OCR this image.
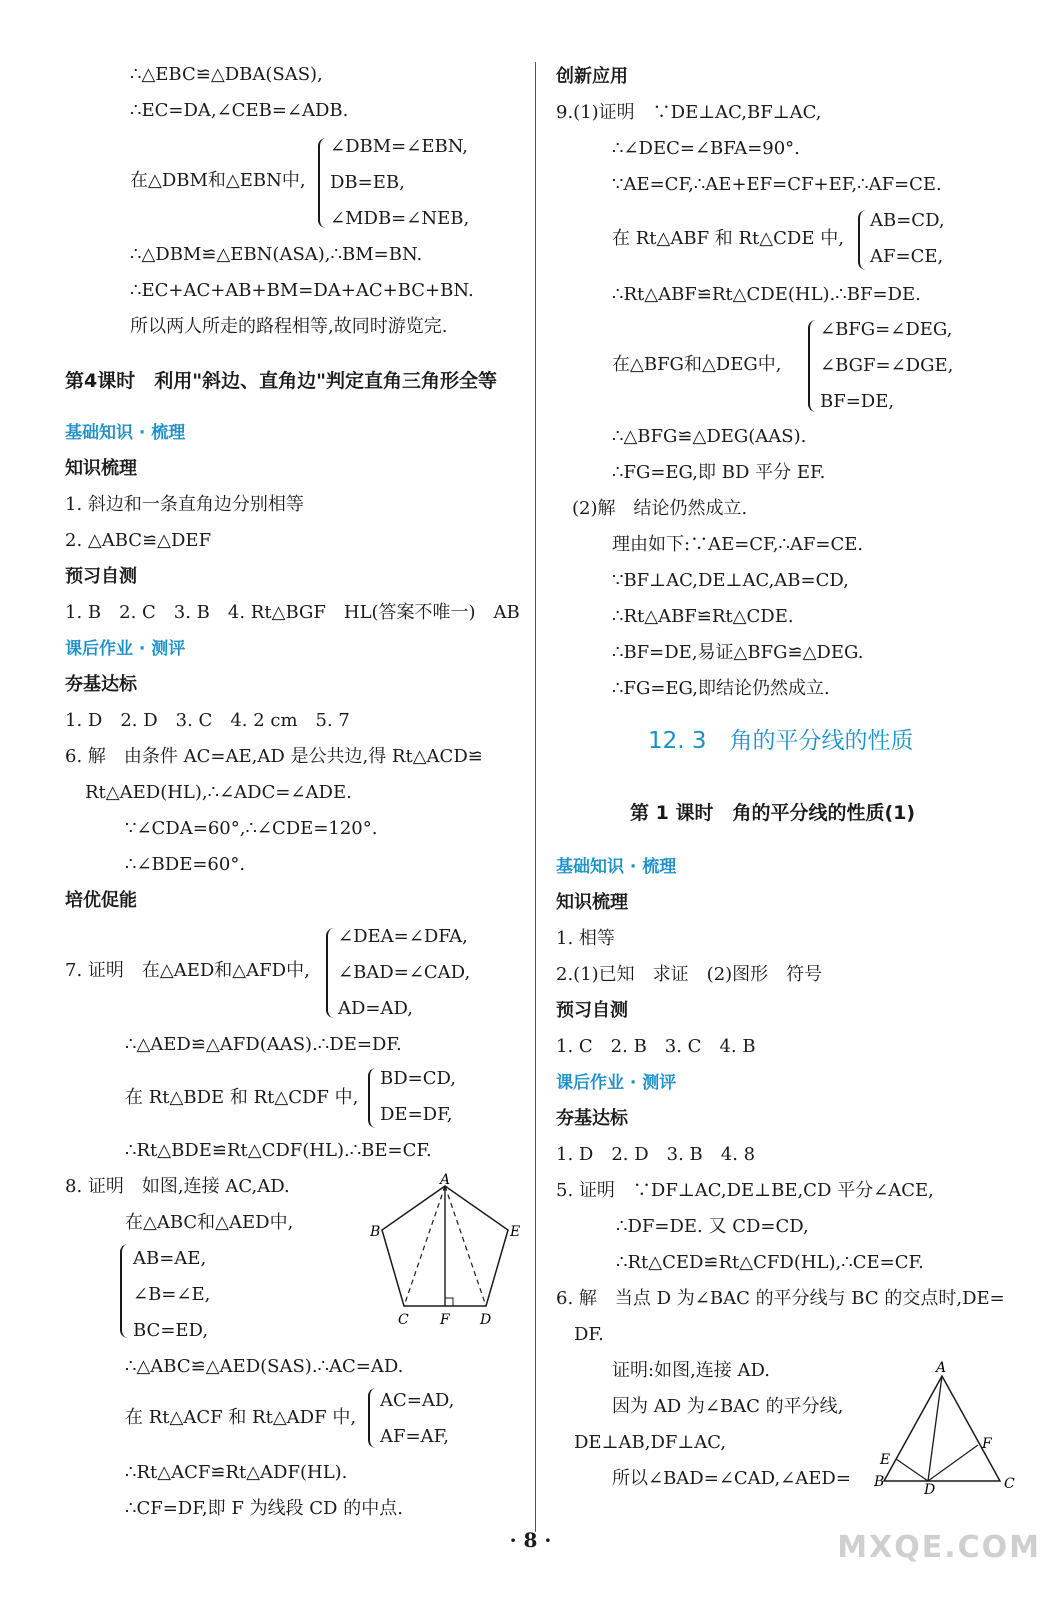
∴△EBC≌△DBA(SAS),
∴EC=DA,∠CEB=∠ADB.
在△DBM和△EBN中,
∠DBM=∠EBN,
DB=EB,
∠MDB=∠NEB,
∴△DBM≌△EBN(ASA),∴BM=BN.
∴EC+AC+AB+BM=DA+AC+BC+BN.
所以两人所走的路程相等,故同时游览完.
第4课时　利用"斜边、直角边"判定直角三角形全等
基础知识 · 梳理
知识梳理
1. 斜边和一条直角边分别相等
2. △ABC≌△DEF
预习自测
1. B　2. C　3. B　4. Rt△BGF　HL(答案不唯一)　AB
课后作业 · 测评
夯基达标
1. D　2. D　3. C　4. 2 cm　5. 7
6. 解　由条件 AC=AE,AD 是公共边,得 Rt△ACD≌
Rt△AED(HL),∴∠ADC=∠ADE.
∵∠CDA=60°,∴∠CDE=120°.
∴∠BDE=60°.
培优促能
7. 证明　在△AED和△AFD中,
∠DEA=∠DFA,
∠BAD=∠CAD,
AD=AD,
∴△AED≌△AFD(AAS).∴DE=DF.
在 Rt△BDE 和 Rt△CDF 中,
BD=CD,
DE=DF,
∴Rt△BDE≌Rt△CDF(HL).∴BE=CF.
8. 证明　如图,连接 AC,AD.
在△ABC和△AED中,
AB=AE,
∠B=∠E,
BC=ED,
A
B	E
C F D
∴△ABC≌△AED(SAS).∴AC=AD.
在 Rt△ACF 和 Rt△ADF 中,
AC=AD,
AF=AF,
∴Rt△ACF≌Rt△ADF(HL).
∴CF=DF,即 F 为线段 CD 的中点.
创新应用
9.(1)证明　∵DE⊥AC,BF⊥AC,
∴∠DEC=∠BFA=90°.
∵AE=CF,∴AE+EF=CF+EF,∴AF=CE.
在 Rt△ABF 和 Rt△CDE 中,
AB=CD,
AF=CE,
∴Rt△ABF≌Rt△CDE(HL).∴BF=DE.
在△BFG和△DEG中,
∠BFG=∠DEG,
∠BGF=∠DGE,
BF=DE,
∴△BFG≌△DEG(AAS).
∴FG=EG,即 BD 平分 EF.
(2)解　结论仍然成立.
理由如下:∵AE=CF,∴AF=CE.
∵BF⊥AC,DE⊥AC,AB=CD,
∴Rt△ABF≌Rt△CDE.
∴BF=DE,易证△BFG≌△DEG.
∴FG=EG,即结论仍然成立.
12. 3　角的平分线的性质
第 1 课时　角的平分线的性质(1)
基础知识 · 梳理
知识梳理
1. 相等
2.(1)已知　求证　(2)图形　符号
预习自测
1. C　2. B　3. C　4. B
课后作业 · 测评
夯基达标
1. D　2. D　3. B　4. 8
5. 证明　∵DF⊥AC,DE⊥BE,CD 平分∠ACE,
∴DF=DE. 又 CD=CD,
∴Rt△CED≌Rt△CFD(HL),∴CE=CF.
6. 解　当点 D 为∠BAC 的平分线与 BC 的交点时,DE=
DF.
证明:如图,连接 AD.
因为 AD 为∠BAC 的平分线,
DE⊥AB,DF⊥AC,
所以∠BAD=∠CAD,∠AED=
A
E
F
B	D	C
· 8 ·	MXQE.COM
